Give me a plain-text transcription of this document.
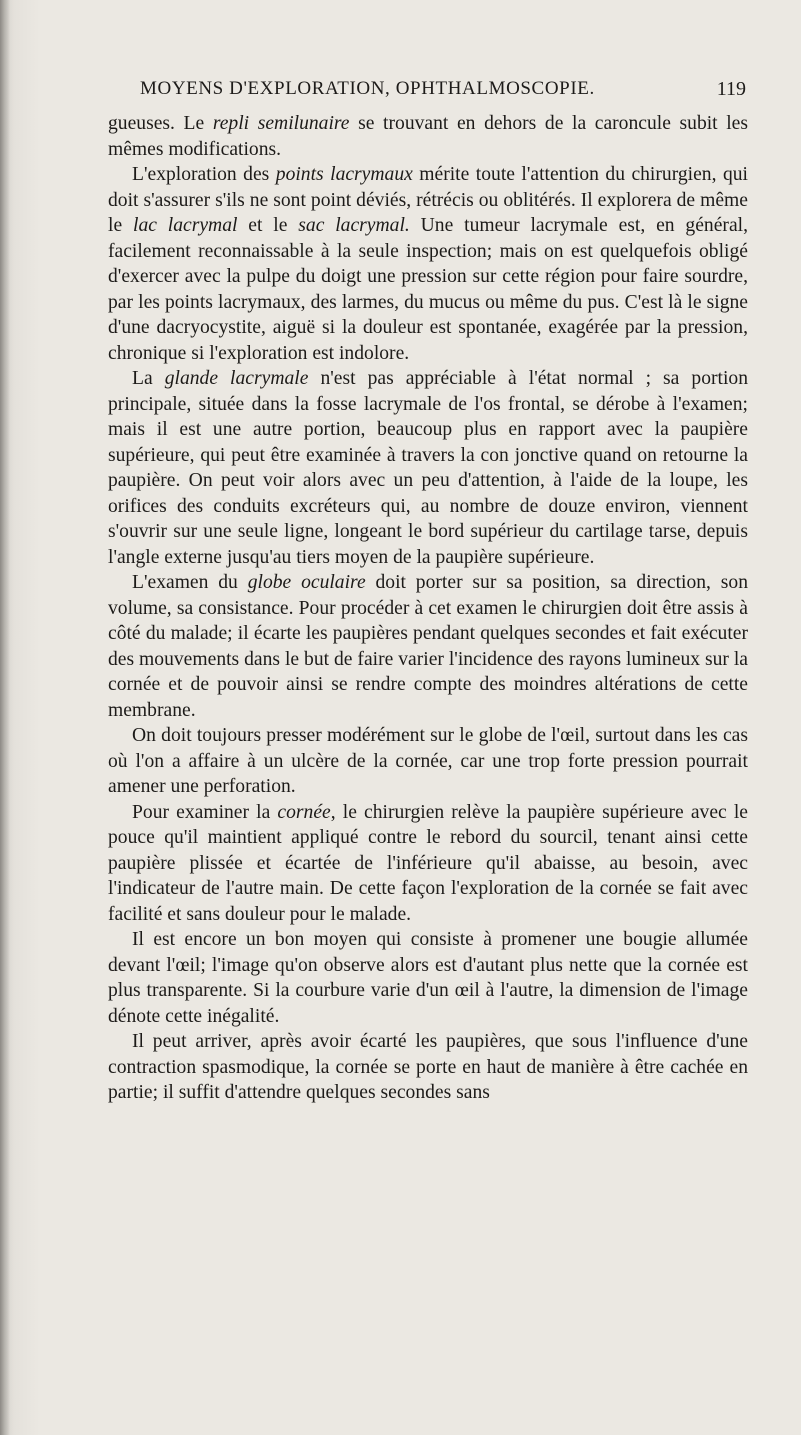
MOYENS D'EXPLORATION, OPHTHALMOSCOPIE.	119

gueuses. Le repli semilunaire se trouvant en dehors de la caroncule subit les mêmes modifications.

L'exploration des points lacrymaux mérite toute l'attention du chirurgien, qui doit s'assurer s'ils ne sont point déviés, rétrécis ou oblitérés. Il explorera de même le lac lacrymal et le sac lacrymal. Une tumeur lacrymale est, en général, facilement reconnaissable à la seule inspection; mais on est quelquefois obligé d'exercer avec la pulpe du doigt une pression sur cette région pour faire sourdre, par les points lacrymaux, des larmes, du mucus ou même du pus. C'est là le signe d'une dacryocystite, aiguë si la douleur est spontanée, exagérée par la pression, chronique si l'exploration est indolore.

La glande lacrymale n'est pas appréciable à l'état normal ; sa portion principale, située dans la fosse lacrymale de l'os frontal, se dérobe à l'examen; mais il est une autre portion, beaucoup plus en rapport avec la paupière supérieure, qui peut être examinée à travers la con jonctive quand on retourne la paupière. On peut voir alors avec un peu d'attention, à l'aide de la loupe, les orifices des conduits excréteurs qui, au nombre de douze environ, viennent s'ouvrir sur une seule ligne, longeant le bord supérieur du cartilage tarse, depuis l'angle externe jusqu'au tiers moyen de la paupière supérieure.

L'examen du globe oculaire doit porter sur sa position, sa direction, son volume, sa consistance. Pour procéder à cet examen le chirurgien doit être assis à côté du malade; il écarte les paupières pendant quelques secondes et fait exécuter des mouvements dans le but de faire varier l'incidence des rayons lumineux sur la cornée et de pouvoir ainsi se rendre compte des moindres altérations de cette membrane.

On doit toujours presser modérément sur le globe de l'œil, surtout dans les cas où l'on a affaire à un ulcère de la cornée, car une trop forte pression pourrait amener une perforation.

Pour examiner la cornée, le chirurgien relève la paupière supérieure avec le pouce qu'il maintient appliqué contre le rebord du sourcil, tenant ainsi cette paupière plissée et écartée de l'inférieure qu'il abaisse, au besoin, avec l'indicateur de l'autre main. De cette façon l'exploration de la cornée se fait avec facilité et sans douleur pour le malade.

Il est encore un bon moyen qui consiste à promener une bougie allumée devant l'œil; l'image qu'on observe alors est d'autant plus nette que la cornée est plus transparente. Si la courbure varie d'un œil à l'autre, la dimension de l'image dénote cette inégalité.

Il peut arriver, après avoir écarté les paupières, que sous l'influence d'une contraction spasmodique, la cornée se porte en haut de manière à être cachée en partie; il suffit d'attendre quelques secondes sans
